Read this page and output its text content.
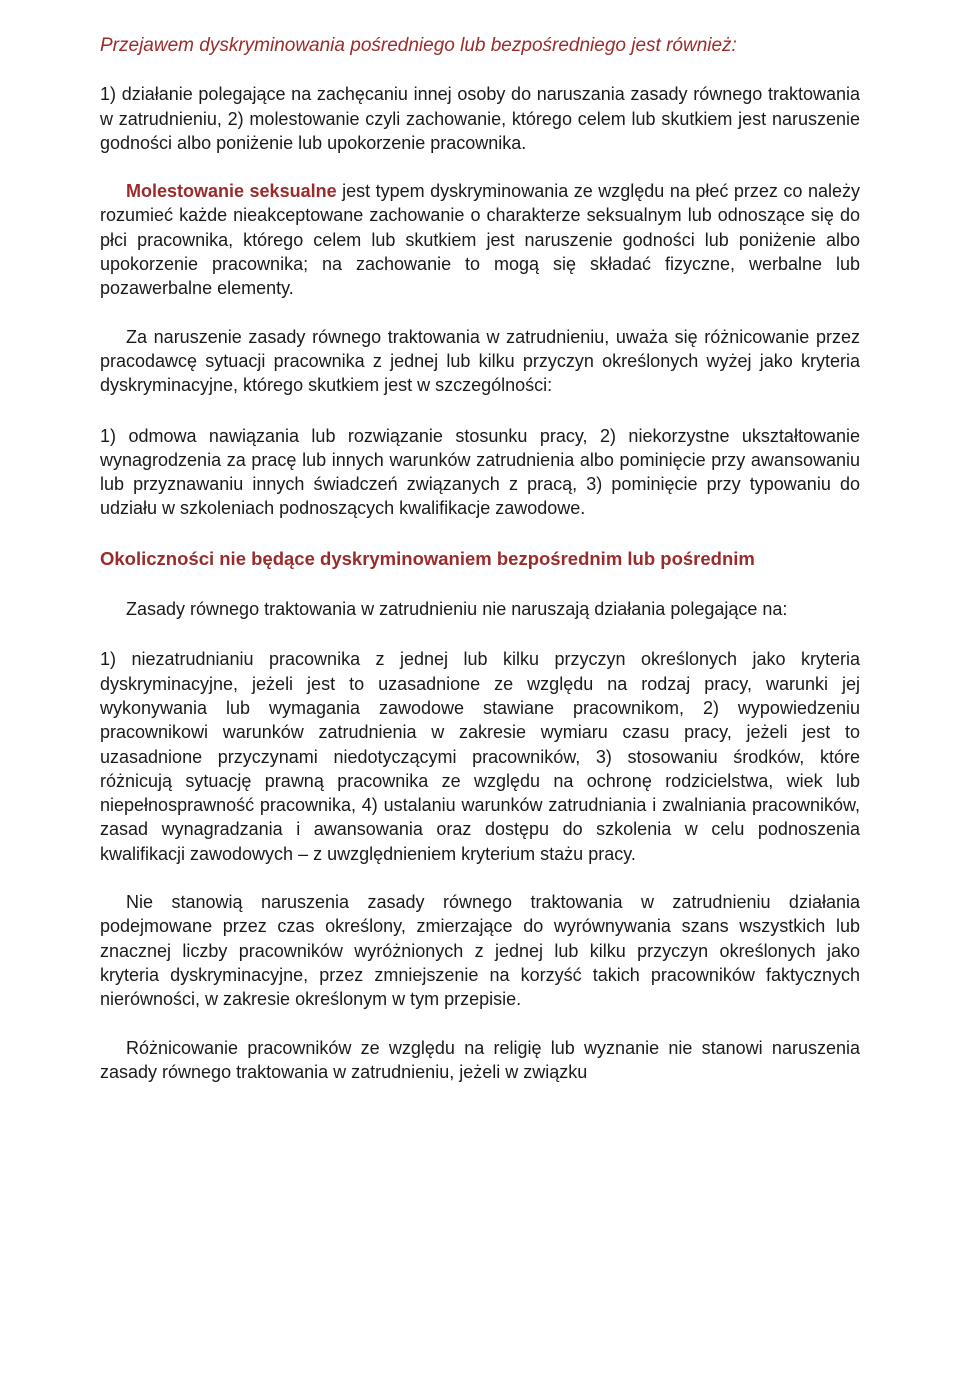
Przejawem dyskryminowania pośredniego lub bezpośredniego jest również:

1) działanie polegające na zachęcaniu innej osoby do naruszania zasady równego traktowania w zatrudnieniu, 2) molestowanie czyli zachowanie, którego celem lub skutkiem jest naruszenie godności albo poniżenie lub upokorzenie pracownika.

Molestowanie seksualne jest typem dyskryminowania ze względu na płeć przez co należy rozumieć każde nieakceptowane zachowanie o charakterze seksualnym lub odnoszące się do płci pracownika, którego celem lub skutkiem jest naruszenie godności lub poniżenie albo upokorzenie pracownika; na zachowanie to mogą się składać fizyczne, werbalne lub pozawerbalne elementy.

Za naruszenie zasady równego traktowania w zatrudnieniu, uważa się różnicowanie przez pracodawcę sytuacji pracownika z jednej lub kilku przyczyn określonych wyżej jako kryteria dyskryminacyjne, którego skutkiem jest w szczególności:

1) odmowa nawiązania lub rozwiązanie stosunku pracy, 2) niekorzystne ukształtowanie wynagrodzenia za pracę lub innych warunków zatrudnienia albo pominięcie przy awansowaniu lub przyznawaniu innych świadczeń związanych z pracą, 3) pominięcie przy typowaniu do udziału w szkoleniach podnoszących kwalifikacje zawodowe.

Okoliczności nie będące dyskryminowaniem bezpośrednim lub pośrednim

Zasady równego traktowania w zatrudnieniu nie naruszają działania polegające na:

1) niezatrudnianiu pracownika z jednej lub kilku przyczyn określonych jako kryteria dyskryminacyjne, jeżeli jest to uzasadnione ze względu na rodzaj pracy, warunki jej wykonywania lub wymagania zawodowe stawiane pracownikom, 2) wypowiedzeniu pracownikowi warunków zatrudnienia w zakresie wymiaru czasu pracy, jeżeli jest to uzasadnione przyczynami niedotyczącymi pracowników, 3) stosowaniu środków, które różnicują sytuację prawną pracownika ze względu na ochronę rodzicielstwa, wiek lub niepełnosprawność pracownika, 4) ustalaniu warunków zatrudniania i zwalniania pracowników, zasad wynagradzania i awansowania oraz dostępu do szkolenia w celu podnoszenia kwalifikacji zawodowych – z uwzględnieniem kryterium stażu pracy.

Nie stanowią naruszenia zasady równego traktowania w zatrudnieniu działania podejmowane przez czas określony, zmierzające do wyrównywania szans wszystkich lub znacznej liczby pracowników wyróżnionych z jednej lub kilku przyczyn określonych jako kryteria dyskryminacyjne, przez zmniejszenie na korzyść takich pracowników faktycznych nierówności, w zakresie określonym w tym przepisie.

Różnicowanie pracowników ze względu na religię lub wyznanie nie stanowi naruszenia zasady równego traktowania w zatrudnieniu, jeżeli w związku
